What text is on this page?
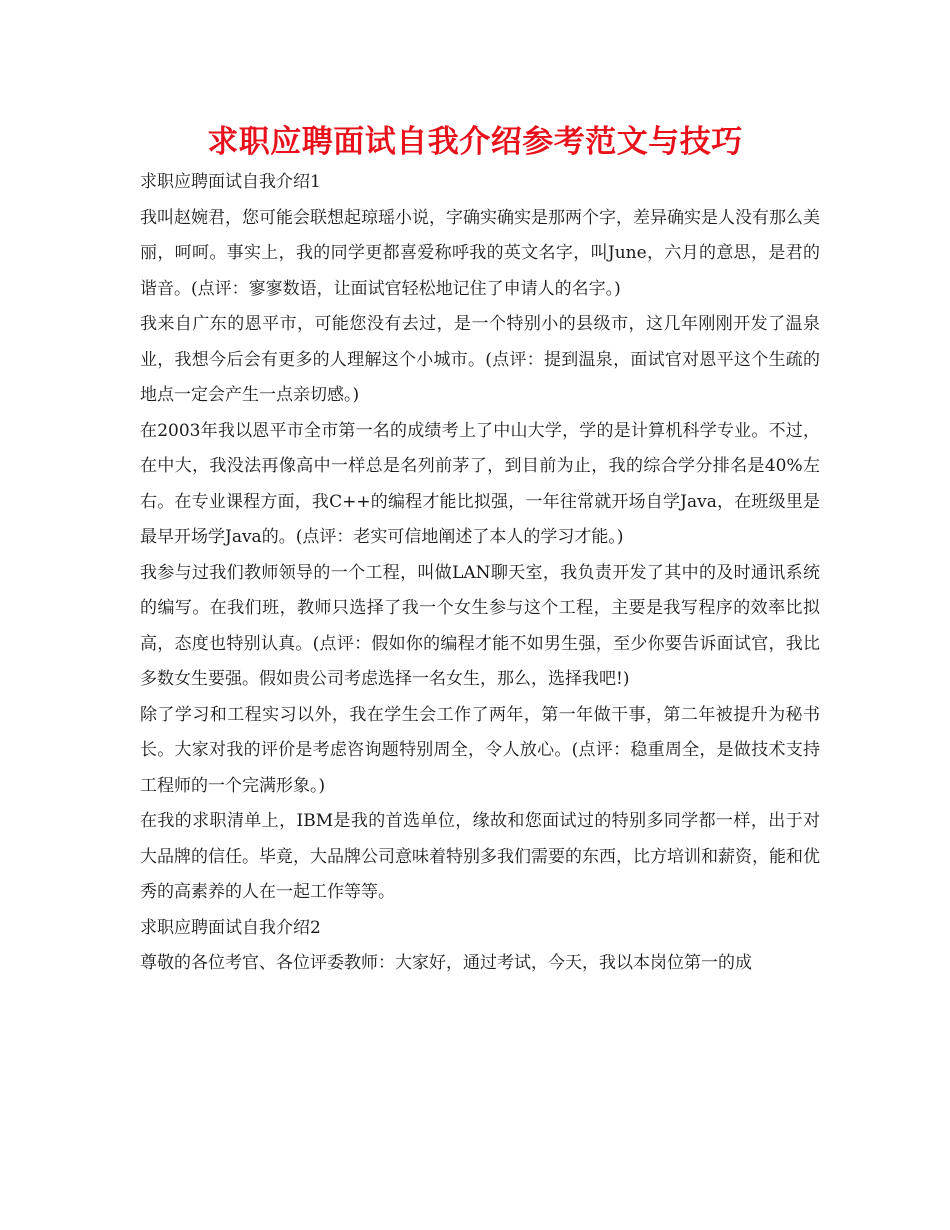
求职应聘面试自我介绍参考范文与技巧

求职应聘面试自我介绍1

我叫赵婉君，您可能会联想起琼瑶小说，字确实确实是那两个字，差异确实是人没有那么美丽，呵呵。事实上，我的同学更都喜爱称呼我的英文名字，叫June，六月的意思，是君的谐音。(点评：寥寥数语，让面试官轻松地记住了申请人的名字。)

我来自广东的恩平市，可能您没有去过，是一个特别小的县级市，这几年刚刚开发了温泉业，我想今后会有更多的人理解这个小城市。(点评：提到温泉，面试官对恩平这个生疏的地点一定会产生一点亲切感。)

在2003年我以恩平市全市第一名的成绩考上了中山大学，学的是计算机科学专业。不过，在中大，我没法再像高中一样总是名列前茅了，到目前为止，我的综合学分排名是40%左右。在专业课程方面，我C++的编程才能比拟强，一年往常就开场自学Java，在班级里是最早开场学Java的。(点评：老实可信地阐述了本人的学习才能。)

我参与过我们教师领导的一个工程，叫做LAN聊天室，我负责开发了其中的及时通讯系统的编写。在我们班，教师只选择了我一个女生参与这个工程，主要是我写程序的效率比拟高，态度也特别认真。(点评：假如你的编程才能不如男生强，至少你要告诉面试官，我比多数女生要强。假如贵公司考虑选择一名女生，那么，选择我吧!)

除了学习和工程实习以外，我在学生会工作了两年，第一年做干事，第二年被提升为秘书长。大家对我的评价是考虑咨询题特别周全，令人放心。(点评：稳重周全，是做技术支持工程师的一个完满形象。)

在我的求职清单上，IBM是我的首选单位，缘故和您面试过的特别多同学都一样，出于对大品牌的信任。毕竟，大品牌公司意味着特别多我们需要的东西，比方培训和薪资，能和优秀的高素养的人在一起工作等等。

求职应聘面试自我介绍2

尊敬的各位考官、各位评委教师：大家好，通过考试，今天，我以本岗位第一的成
